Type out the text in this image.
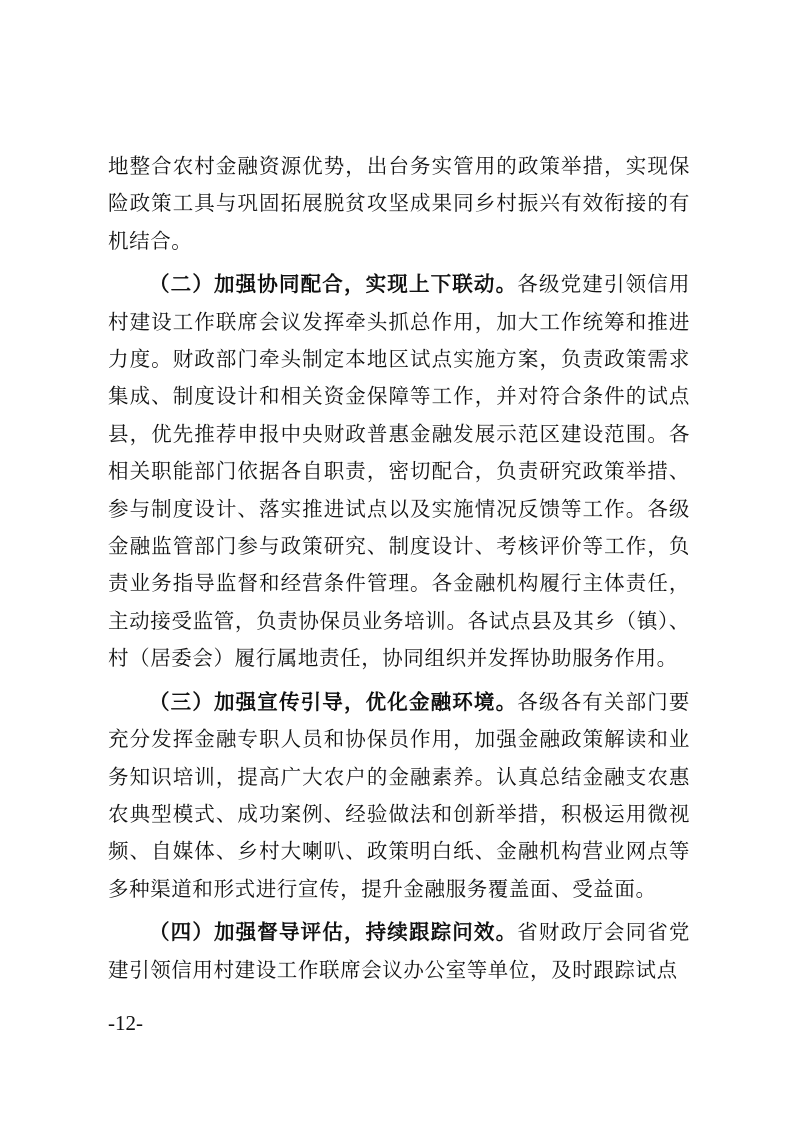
地整合农村金融资源优势，出台务实管用的政策举措，实现保险政策工具与巩固拓展脱贫攻坚成果同乡村振兴有效衔接的有机结合。

（二）加强协同配合，实现上下联动。各级党建引领信用村建设工作联席会议发挥牵头抓总作用，加大工作统筹和推进力度。财政部门牵头制定本地区试点实施方案，负责政策需求集成、制度设计和相关资金保障等工作，并对符合条件的试点县，优先推荐申报中央财政普惠金融发展示范区建设范围。各相关职能部门依据各自职责，密切配合，负责研究政策举措、参与制度设计、落实推进试点以及实施情况反馈等工作。各级金融监管部门参与政策研究、制度设计、考核评价等工作，负责业务指导监督和经营条件管理。各金融机构履行主体责任，主动接受监管，负责协保员业务培训。各试点县及其乡（镇）、村（居委会）履行属地责任，协同组织并发挥协助服务作用。

（三）加强宣传引导，优化金融环境。各级各有关部门要充分发挥金融专职人员和协保员作用，加强金融政策解读和业务知识培训，提高广大农户的金融素养。认真总结金融支农惠农典型模式、成功案例、经验做法和创新举措，积极运用微视频、自媒体、乡村大喇叭、政策明白纸、金融机构营业网点等多种渠道和形式进行宣传，提升金融服务覆盖面、受益面。

（四）加强督导评估，持续跟踪问效。省财政厅会同省党建引领信用村建设工作联席会议办公室等单位，及时跟踪试点

-12-
